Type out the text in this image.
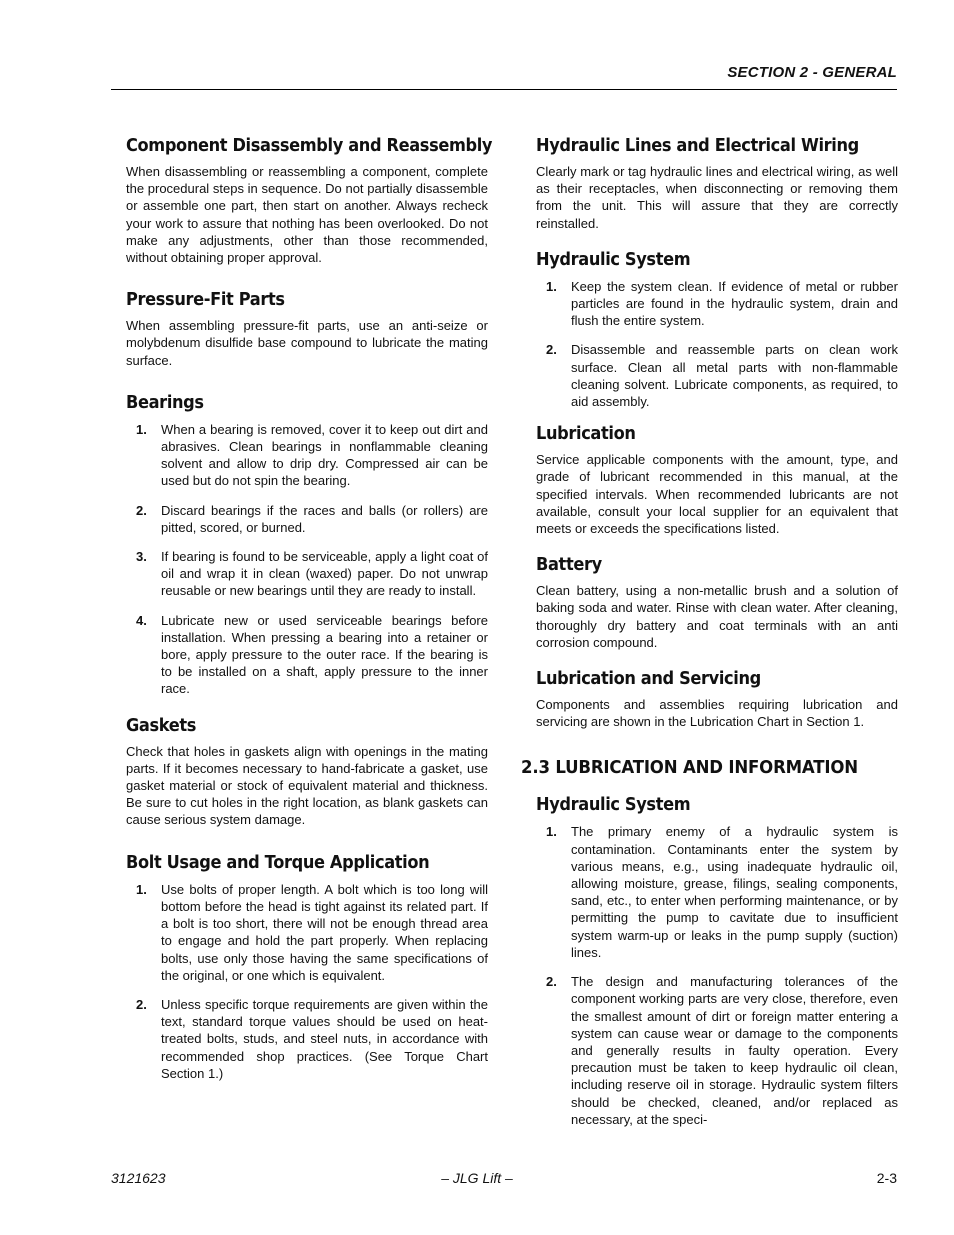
SECTION 2 - GENERAL
Component Disassembly and Reassembly

When disassembling or reassembling a component, complete the procedural steps in sequence. Do not partially disassemble or assemble one part, then start on another. Always recheck your work to assure that nothing has been overlooked. Do not make any adjustments, other than those recommended, without obtaining proper approval.

Pressure-Fit Parts

When assembling pressure-fit parts, use an anti-seize or molybdenum disulfide base compound to lubricate the mating surface.

Bearings
1.	When a bearing is removed, cover it to keep out dirt and abrasives. Clean bearings in nonflammable cleaning solvent and allow to drip dry. Compressed air can be used but do not spin the bearing.
2.	Discard bearings if the races and balls (or rollers) are pitted, scored, or burned.
3.	If bearing is found to be serviceable, apply a light coat of oil and wrap it in clean (waxed) paper. Do not unwrap reusable or new bearings until they are ready to install.
4.	Lubricate new or used serviceable bearings before installation. When pressing a bearing into a retainer or bore, apply pressure to the outer race. If the bearing is to be installed on a shaft, apply pressure to the inner race.
Gaskets

Check that holes in gaskets align with openings in the mating parts. If it becomes necessary to hand-fabricate a gasket, use gasket material or stock of equivalent material and thickness. Be sure to cut holes in the right location, as blank gaskets can cause serious system damage.

Bolt Usage and Torque Application
1.	Use bolts of proper length. A bolt which is too long will bottom before the head is tight against its related part. If a bolt is too short, there will not be enough thread area to engage and hold the part properly. When replacing bolts, use only those having the same specifications of the original, or one which is equivalent.
2.	Unless specific torque requirements are given within the text, standard torque values should be used on heat-treated bolts, studs, and steel nuts, in accordance with recommended shop practices. (See Torque Chart Section 1.)
Hydraulic Lines and Electrical Wiring

Clearly mark or tag hydraulic lines and electrical wiring, as well as their receptacles, when disconnecting or removing them from the unit. This will assure that they are correctly reinstalled.

Hydraulic System
1.	Keep the system clean. If evidence of metal or rubber particles are found in the hydraulic system, drain and flush the entire system.
2.	Disassemble and reassemble parts on clean work surface. Clean all metal parts with non-flammable cleaning solvent. Lubricate components, as required, to aid assembly.
Lubrication

Service applicable components with the amount, type, and grade of lubricant recommended in this manual, at the specified intervals. When recommended lubricants are not available, consult your local supplier for an equivalent that meets or exceeds the specifications listed.

Battery

Clean battery, using a non-metallic brush and a solution of baking soda and water. Rinse with clean water. After cleaning, thoroughly dry battery and coat terminals with an anti corrosion compound.

Lubrication and Servicing

Components and assemblies requiring lubrication and servicing are shown in the Lubrication Chart in Section 1.

2.3 LUBRICATION AND INFORMATION
Hydraulic System
1.	The primary enemy of a hydraulic system is contamination. Contaminants enter the system by various means, e.g., using inadequate hydraulic oil, allowing moisture, grease, filings, sealing components, sand, etc., to enter when performing maintenance, or by permitting the pump to cavitate due to insufficient system warm-up or leaks in the pump supply (suction) lines.
2.	The design and manufacturing tolerances of the component working parts are very close, therefore, even the smallest amount of dirt or foreign matter entering a system can cause wear or damage to the components and generally results in faulty operation. Every precaution must be taken to keep hydraulic oil clean, including reserve oil in storage. Hydraulic system filters should be checked, cleaned, and/or replaced as necessary, at the speci-
3121623	– JLG Lift –	2-3
